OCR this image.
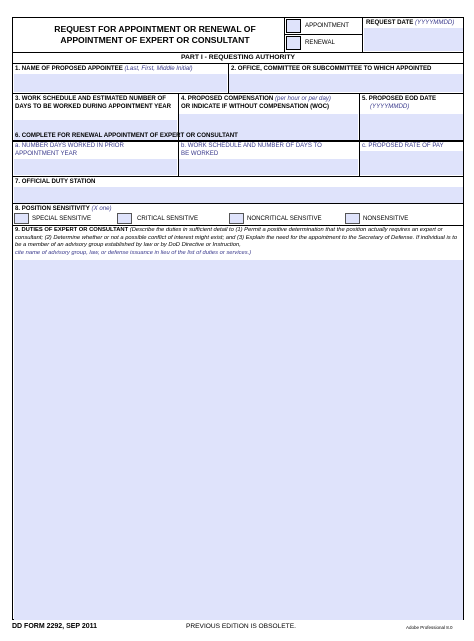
REQUEST FOR APPOINTMENT OR RENEWAL OF APPOINTMENT OF EXPERT OR CONSULTANT
APPOINTMENT
RENEWAL
REQUEST DATE (YYYYMMDD)
PART I - REQUESTING AUTHORITY
1. NAME OF PROPOSED APPOINTEE (Last, First, Middle Initial)	2. OFFICE, COMMITTEE OR SUBCOMMITTEE TO WHICH APPOINTED
3. WORK SCHEDULE AND ESTIMATED NUMBER OF DAYS TO BE WORKED DURING APPOINTMENT YEAR
4. PROPOSED COMPENSATION (per hour or per day)
OR INDICATE IF WITHOUT COMPENSATION (WOC)
5. PROPOSED EOD DATE
(YYYYMMDD)
6. COMPLETE FOR RENEWAL APPOINTMENT OF EXPERT OR CONSULTANT
a. NUMBER DAYS WORKED IN PRIOR APPOINTMENT YEAR
b. WORK SCHEDULE AND NUMBER OF DAYS TO BE WORKED
c. PROPOSED RATE OF PAY
7. OFFICIAL DUTY STATION
8. POSITION SENSITIVITY (X one)
SPECIAL SENSITIVE	CRITICAL SENSITIVE	NONCRITICAL SENSITIVE	NONSENSITIVE
9. DUTIES OF EXPERT OR CONSULTANT (Describe the duties in sufficient detail to (1) Permit a positive determination that the position actually requires an expert or consultant; (2) Determine whether or not a possible conflict of interest might exist; and (3) Explain the need for the appointment to the Secretary of Defense. If individual is to be a member of an advisory group established by law or by DoD Directive or Instruction,
cite name of advisory group, law, or defense issuance in lieu of the list of duties or services.)
DD FORM 2292, SEP 2011	PREVIOUS EDITION IS OBSOLETE.	Adobe Professional 8.0
